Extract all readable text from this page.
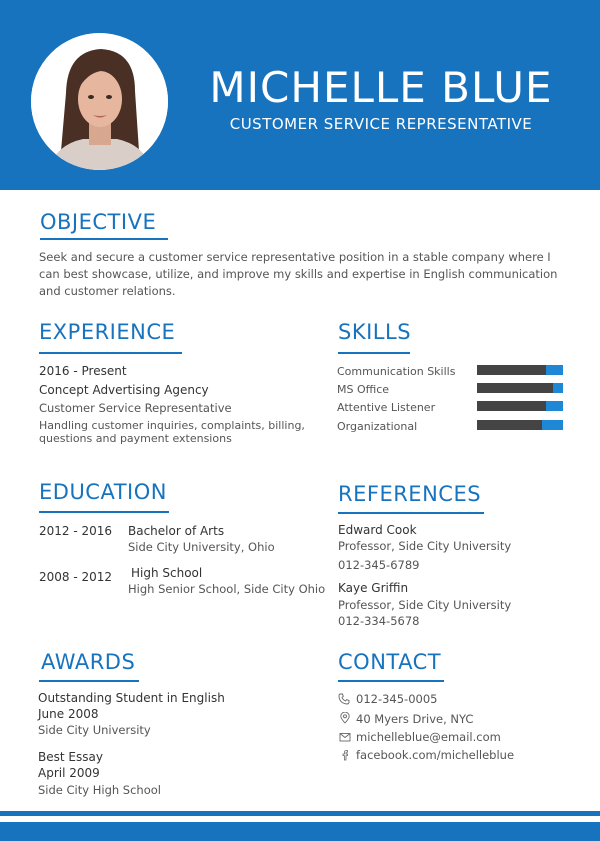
MICHELLE BLUE
CUSTOMER SERVICE REPRESENTATIVE
OBJECTIVE
Seek and secure a customer service representative position in a stable company where I can best showcase, utilize, and improve my skills and expertise in English communication and customer relations.
EXPERIENCE
2016 - Present
Concept Advertising Agency
Customer Service Representative
Handling customer inquiries, complaints, billing,
questions and payment extensions
SKILLS
Communication Skills
MS Office
Attentive Listener
Organizational
EDUCATION
2012 - 2016 Bachelor of Arts
Side City University, Ohio
2008 - 2012 High School
High Senior School, Side City Ohio
REFERENCES
Edward Cook
Professor, Side City University
012-345-6789
Kaye Griffin
Professor, Side City University
012-334-5678
AWARDS
Outstanding Student in English
June 2008
Side City University
Best Essay
April 2009
Side City High School
CONTACT
012-345-0005
40 Myers Drive, NYC
michelleblue@email.com
facebook.com/michelleblue
